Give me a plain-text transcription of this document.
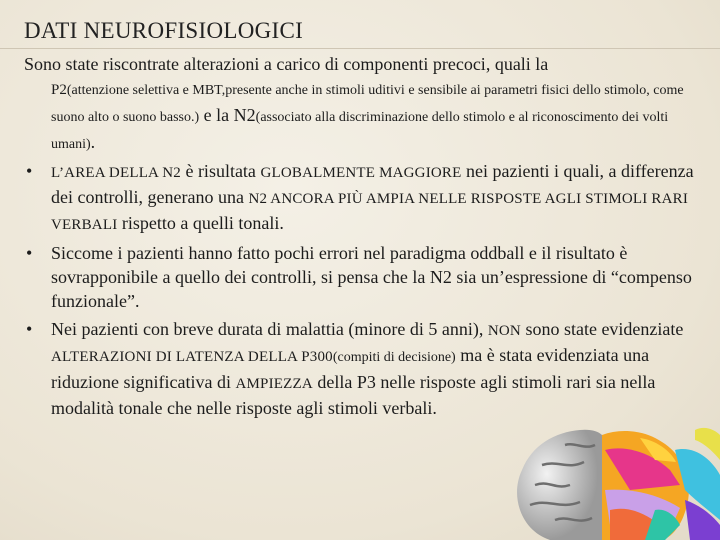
DATI NEUROFISIOLOGICI
Sono state riscontrate alterazioni a carico di componenti precoci, quali la
P2(attenzione selettiva e MBT,presente anche in stimoli uditivi e sensibile ai parametri fisici dello stimolo, come suono alto o suono basso.) e la N2(associato alla discriminazione dello stimolo e al riconoscimento dei volti umani).
• L’AREA DELLA N2 è risultata GLOBALMENTE MAGGIORE nei pazienti i quali, a differenza dei controlli, generano una N2 ANCORA PIÙ AMPIA NELLE RISPOSTE AGLI STIMOLI RARI VERBALI rispetto a quelli tonali.
• Siccome i pazienti hanno fatto pochi errori nel paradigma oddball e il risultato è sovrapponibile a quello dei controlli, si pensa che la N2 sia un’espressione di “compenso funzionale”.
• Nei pazienti con breve durata di malattia (minore di 5 anni), NON sono state evidenziate ALTERAZIONI DI LATENZA DELLA P300(compiti di decisione) ma è stata evidenziata una riduzione significativa di AMPIEZZA della P3 nelle risposte agli stimoli rari sia nella modalità tonale che nelle risposte agli stimoli verbali.
